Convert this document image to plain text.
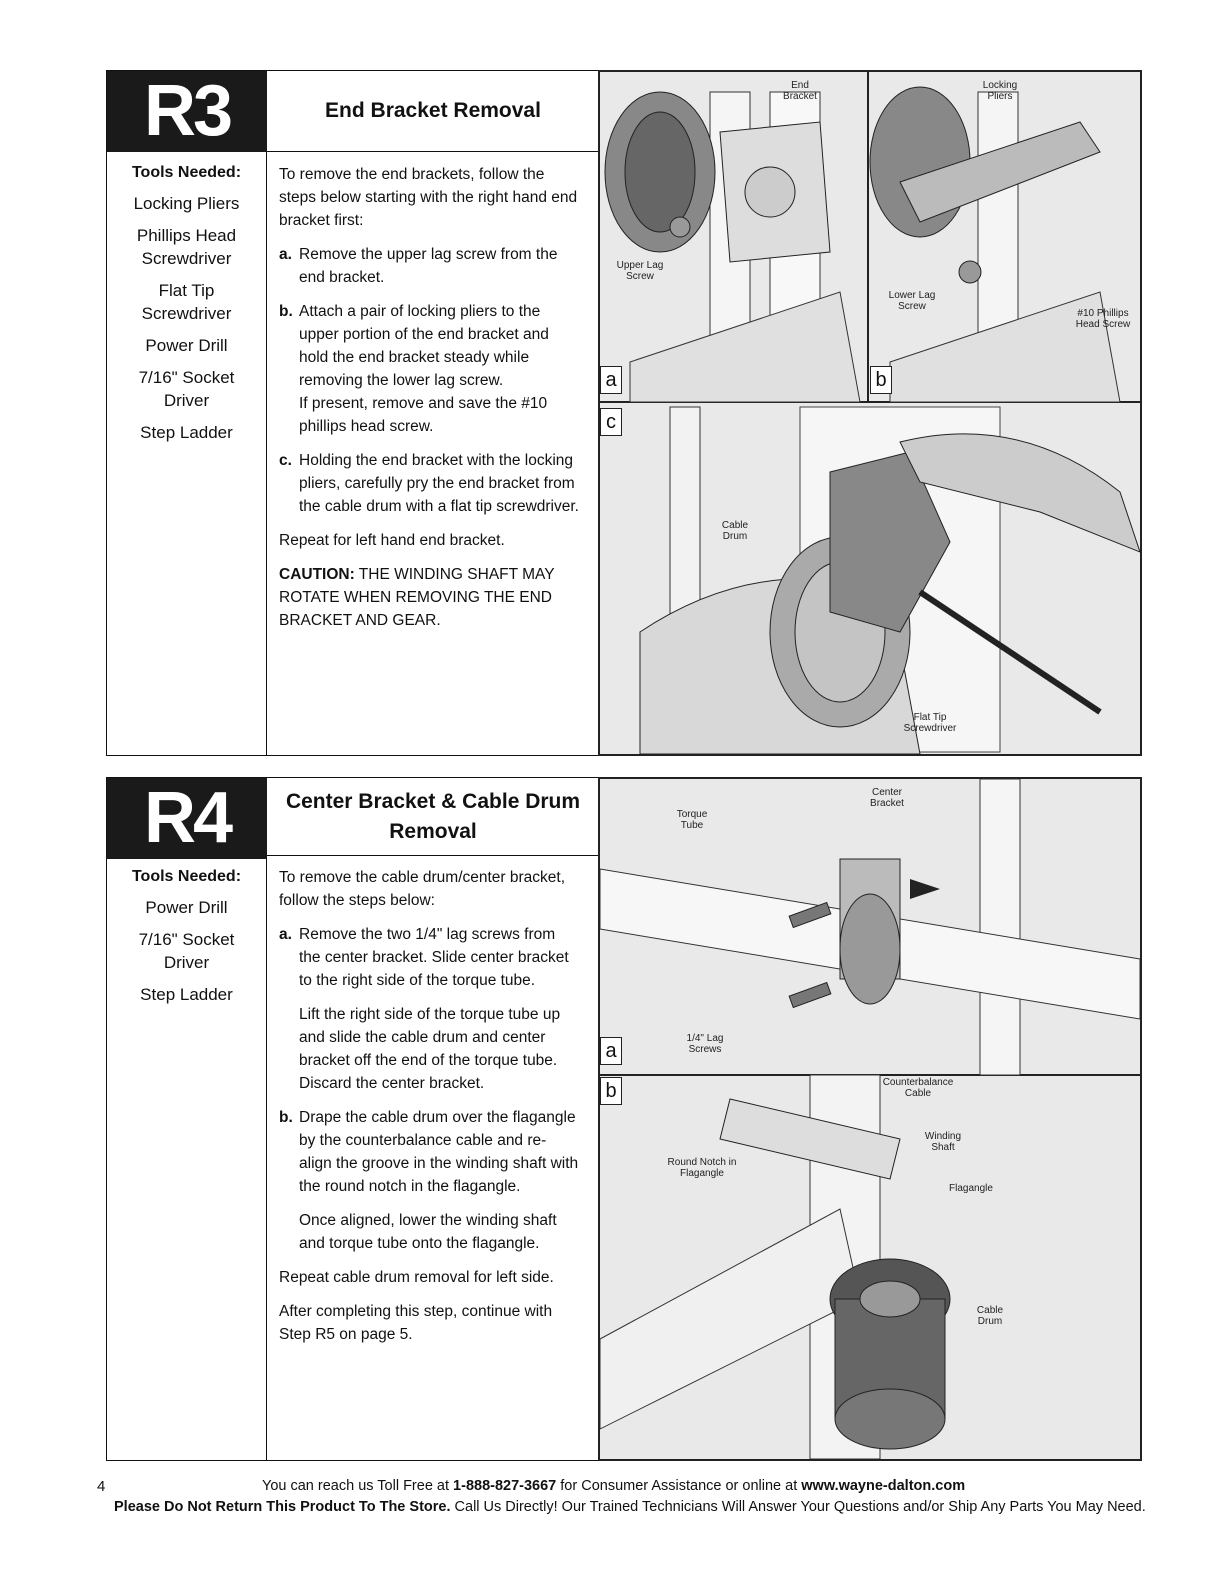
R3	End Bracket Removal
Tools Needed:
Locking Pliers
Phillips Head Screwdriver
Flat Tip Screwdriver
Power Drill
7/16" Socket Driver
Step Ladder

To remove the end brackets, follow the steps below starting with the right hand end bracket first:

a. Remove the upper lag screw from the end bracket.

b. Attach a pair of locking pliers to the upper portion of the end bracket and hold the end bracket steady while removing the lower lag screw.

If present, remove and save the #10 phillips head screw.

c. Holding the end bracket with the locking pliers, carefully pry the end bracket from the cable drum with a flat tip screwdriver.

Repeat for left hand end bracket.

CAUTION: THE WINDING SHAFT MAY ROTATE WHEN REMOVING THE END BRACKET AND GEAR.

End Bracket
Locking Pliers
Upper Lag Screw
Lower Lag Screw
#10 Phillips Head Screw
Cable Drum
Flat Tip Screwdriver
a	b
c
R4	Center Bracket & Cable Drum Removal
Tools Needed:
Power Drill
7/16" Socket Driver
Step Ladder

To remove the cable drum/center bracket, follow the steps below:

a. Remove the two 1/4" lag screws from the center bracket. Slide center bracket to the right side of the torque tube.

Lift the right side of the torque tube up and slide the cable drum and center bracket off the end of the torque tube. Discard the center bracket.

b. Drape the cable drum over the flagangle by the counterbalance cable and re-align the groove in the winding shaft with the round notch in the flagangle.

Once aligned, lower the winding shaft and torque tube onto the flagangle.

Repeat cable drum removal for left side.

After completing this step, continue with Step R5 on page 5.

Torque Tube
Center Bracket
1/4" Lag Screws
Counterbalance Cable
Winding Shaft
Round Notch in Flagangle
Flagangle
Cable Drum
a
b
4	You can reach us Toll Free at 1-888-827-3667 for Consumer Assistance or online at www.wayne-dalton.com
Please Do Not Return This Product To The Store. Call Us Directly! Our Trained Technicians Will Answer Your Questions and/or Ship Any Parts You May Need.
